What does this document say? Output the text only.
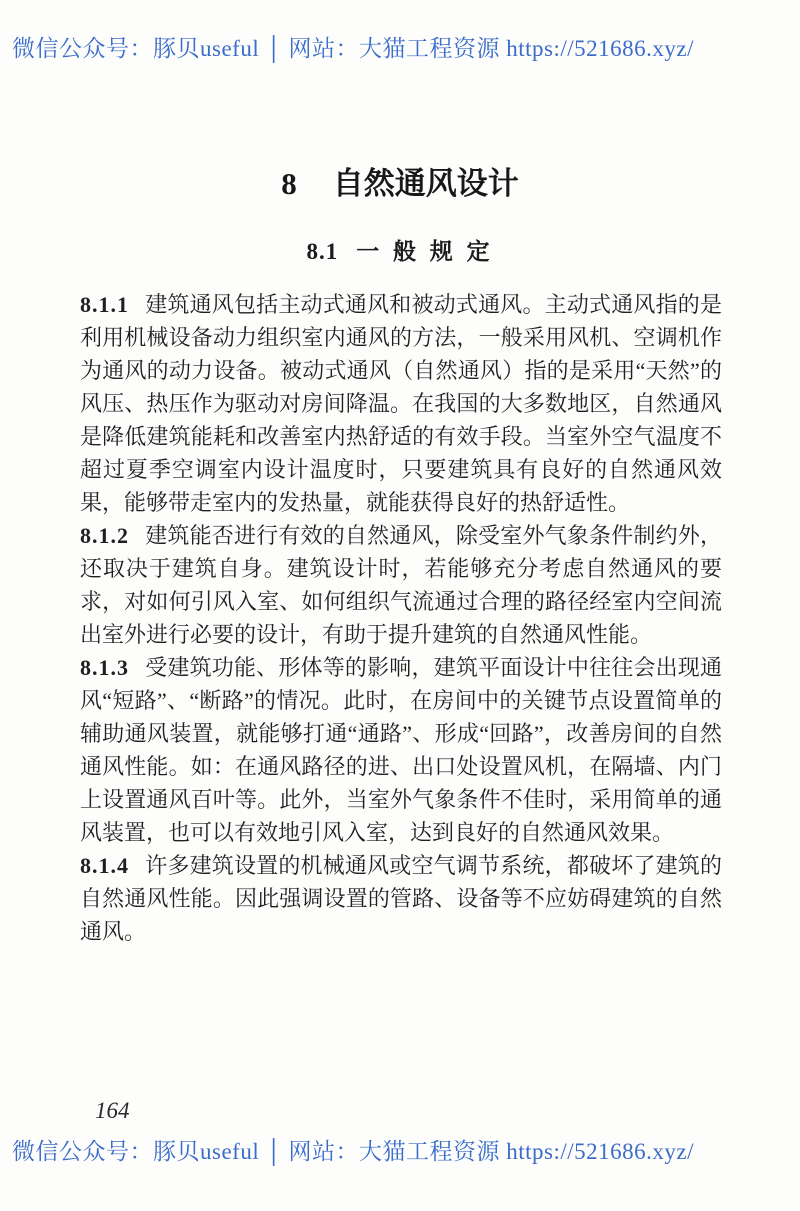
微信公众号：豚贝useful │ 网站：大猫工程资源 https://521686.xyz/
8 自然通风设计
8.1 一 般 规 定

8.1.1 建筑通风包括主动式通风和被动式通风。主动式通风指的是利用机械设备动力组织室内通风的方法，一般采用风机、空调机作为通风的动力设备。被动式通风（自然通风）指的是采用“天然”的风压、热压作为驱动对房间降温。在我国的大多数地区，自然通风是降低建筑能耗和改善室内热舒适的有效手段。当室外空气温度不超过夏季空调室内设计温度时，只要建筑具有良好的自然通风效果，能够带走室内的发热量，就能获得良好的热舒适性。

8.1.2 建筑能否进行有效的自然通风，除受室外气象条件制约外，还取决于建筑自身。建筑设计时，若能够充分考虑自然通风的要求，对如何引风入室、如何组织气流通过合理的路径经室内空间流出室外进行必要的设计，有助于提升建筑的自然通风性能。

8.1.3 受建筑功能、形体等的影响，建筑平面设计中往往会出现通风“短路”、“断路”的情况。此时，在房间中的关键节点设置简单的辅助通风装置，就能够打通“通路”、形成“回路”，改善房间的自然通风性能。如：在通风路径的进、出口处设置风机，在隔墙、内门上设置通风百叶等。此外，当室外气象条件不佳时，采用简单的通风装置，也可以有效地引风入室，达到良好的自然通风效果。

8.1.4 许多建筑设置的机械通风或空气调节系统，都破坏了建筑的自然通风性能。因此强调设置的管路、设备等不应妨碍建筑的自然通风。

164
微信公众号：豚贝useful │ 网站：大猫工程资源 https://521686.xyz/
